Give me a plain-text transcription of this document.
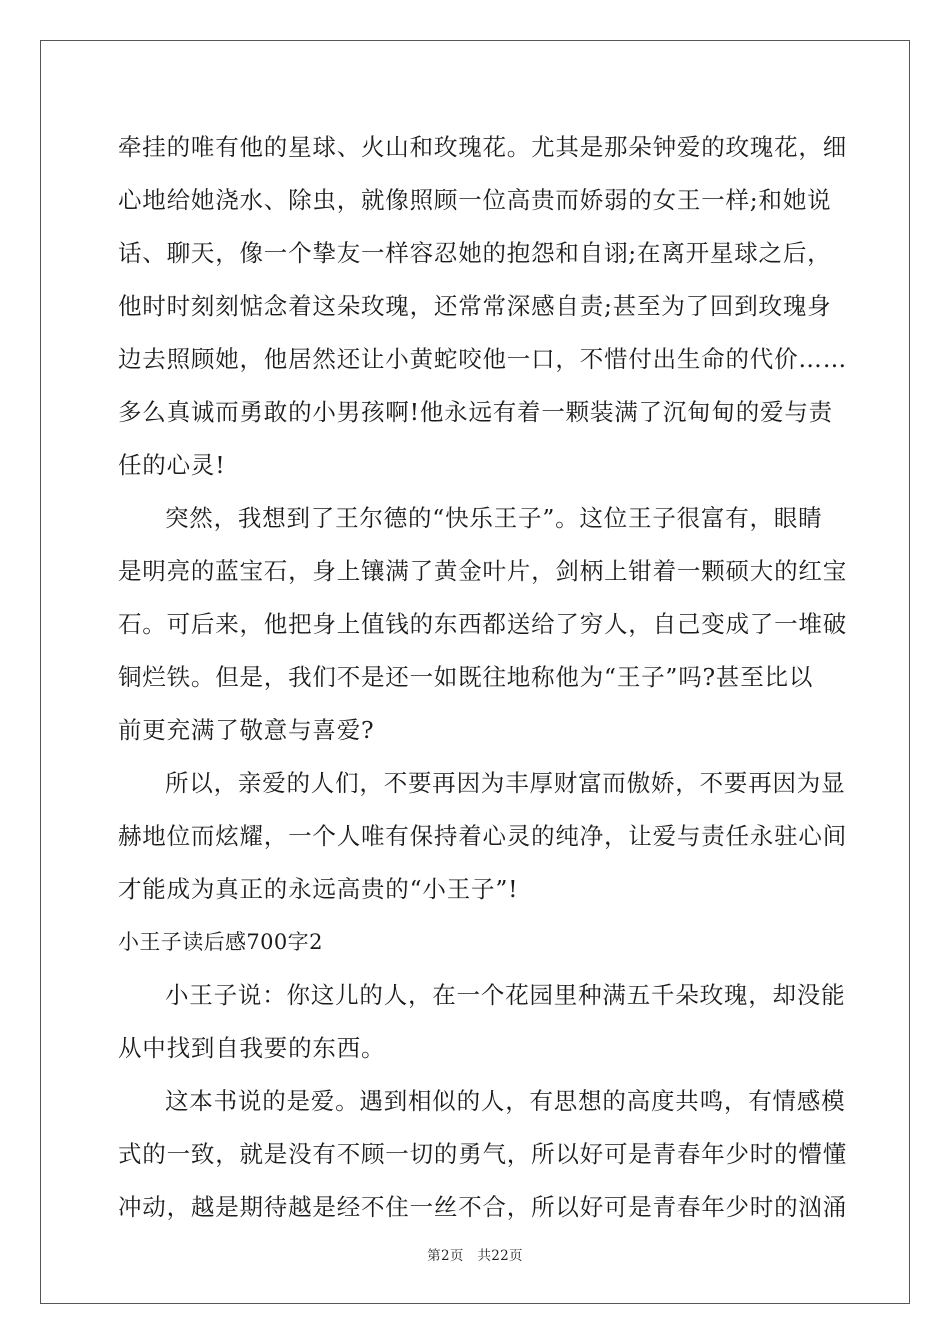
牵挂的唯有他的星球、火山和玫瑰花。尤其是那朵钟爱的玫瑰花，细
心地给她浇水、除虫，就像照顾一位高贵而娇弱的女王一样;和她说
话、聊天，像一个挚友一样容忍她的抱怨和自诩;在离开星球之后，
他时时刻刻惦念着这朵玫瑰，还常常深感自责;甚至为了回到玫瑰身
边去照顾她，他居然还让小黄蛇咬他一口，不惜付出生命的代价……
多么真诚而勇敢的小男孩啊!他永远有着一颗装满了沉甸甸的爱与责
任的心灵!
突然，我想到了王尔德的“快乐王子”。这位王子很富有，眼睛
是明亮的蓝宝石，身上镶满了黄金叶片，剑柄上钳着一颗硕大的红宝
石。可后来，他把身上值钱的东西都送给了穷人，自己变成了一堆破
铜烂铁。但是，我们不是还一如既往地称他为“王子”吗?甚至比以
前更充满了敬意与喜爱?
所以，亲爱的人们，不要再因为丰厚财富而傲娇，不要再因为显
赫地位而炫耀，一个人唯有保持着心灵的纯净，让爱与责任永驻心间
才能成为真正的永远高贵的“小王子”!
小王子读后感700字2
小王子说：你这儿的人，在一个花园里种满五千朵玫瑰，却没能
从中找到自我要的东西。
这本书说的是爱。遇到相似的人，有思想的高度共鸣，有情感模
式的一致，就是没有不顾一切的勇气，所以好可是青春年少时的懵懂
冲动，越是期待越是经不住一丝不合，所以好可是青春年少时的汹涌
第2页　共22页
